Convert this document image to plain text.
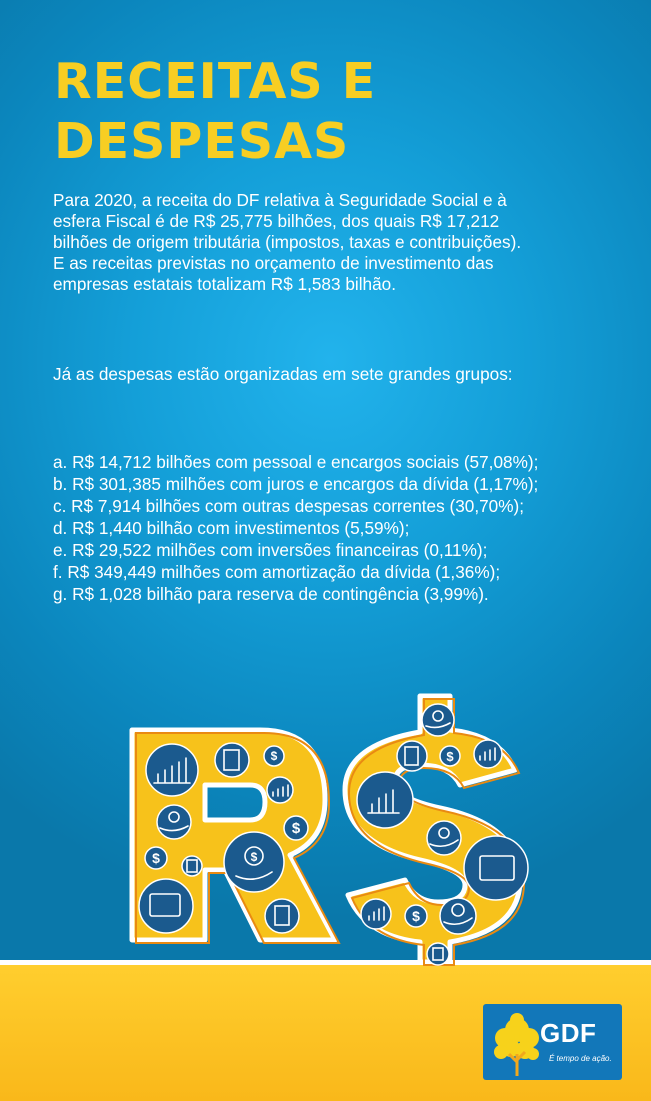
RECEITAS E
DESPESAS

Para 2020, a receita do DF relativa à Seguridade Social e à esfera Fiscal é de R$ 25,775 bilhões, dos quais R$ 17,212 bilhões de origem tributária (impostos, taxas e contribuições). E as receitas previstas no orçamento de investimento das empresas estatais totalizam R$ 1,583 bilhão.

Já as despesas estão organizadas em sete grandes grupos:

a. R$ 14,712 bilhões com pessoal e encargos sociais (57,08%);
b. R$ 301,385 milhões com juros e encargos da dívida (1,17%);
c. R$ 7,914 bilhões com outras despesas correntes (30,70%);
d. R$ 1,440 bilhão com investimentos (5,59%);
e. R$ 29,522 milhões com inversões financeiras (0,11%);
f. R$ 349,449 milhões com amortização da dívida (1,36%);
g. R$ 1,028 bilhão para reserva de contingência (3,99%).
$
$
$
$
$
$
GDF
É tempo de ação.
